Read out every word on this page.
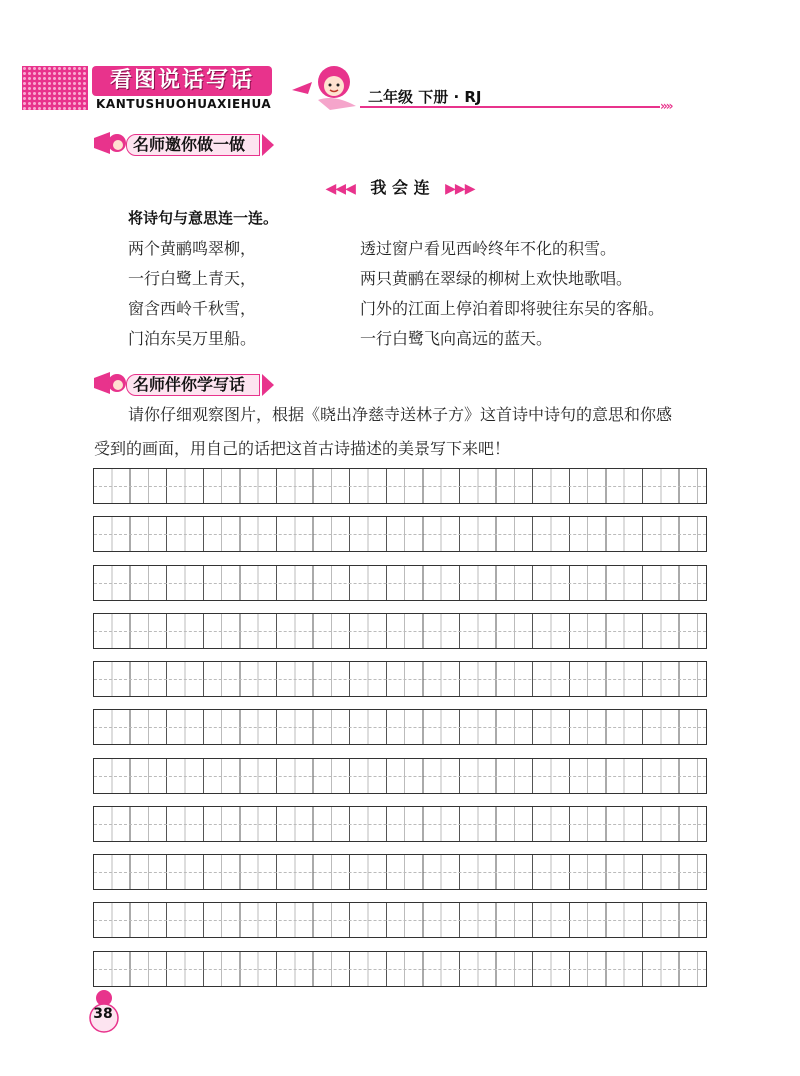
看图说话写话
KANTUSHUOHUAXIEHUA	二年级 下册 · RJ	»»
名师邀你做一做
◀◀◀ 我 会 连 ▶▶▶
将诗句与意思连一连。
两个黄鹂鸣翠柳，
一行白鹭上青天，
窗含西岭千秋雪，
门泊东吴万里船。
透过窗户看见西岭终年不化的积雪。
两只黄鹂在翠绿的柳树上欢快地歌唱。
门外的江面上停泊着即将驶往东吴的客船。
一行白鹭飞向高远的蓝天。
名师伴你学写话
请你仔细观察图片，根据《晓出净慈寺送林子方》这首诗中诗句的意思和你感
受到的画面，用自己的话把这首古诗描述的美景写下来吧！
38
